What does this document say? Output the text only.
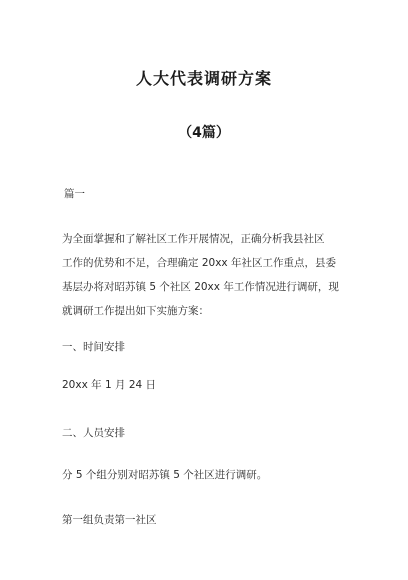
人大代表调研方案
（4篇）
篇一
为全面掌握和了解社区工作开展情况，正确分析我县社区
工作的优势和不足，合理确定 20xx 年社区工作重点，县委
基层办将对昭苏镇 5 个社区 20xx 年工作情况进行调研，现
就调研工作提出如下实施方案：
一、时间安排
20xx 年 1 月 24 日
二、人员安排
分 5 个组分别对昭苏镇 5 个社区进行调研。
第一组负责第一社区
